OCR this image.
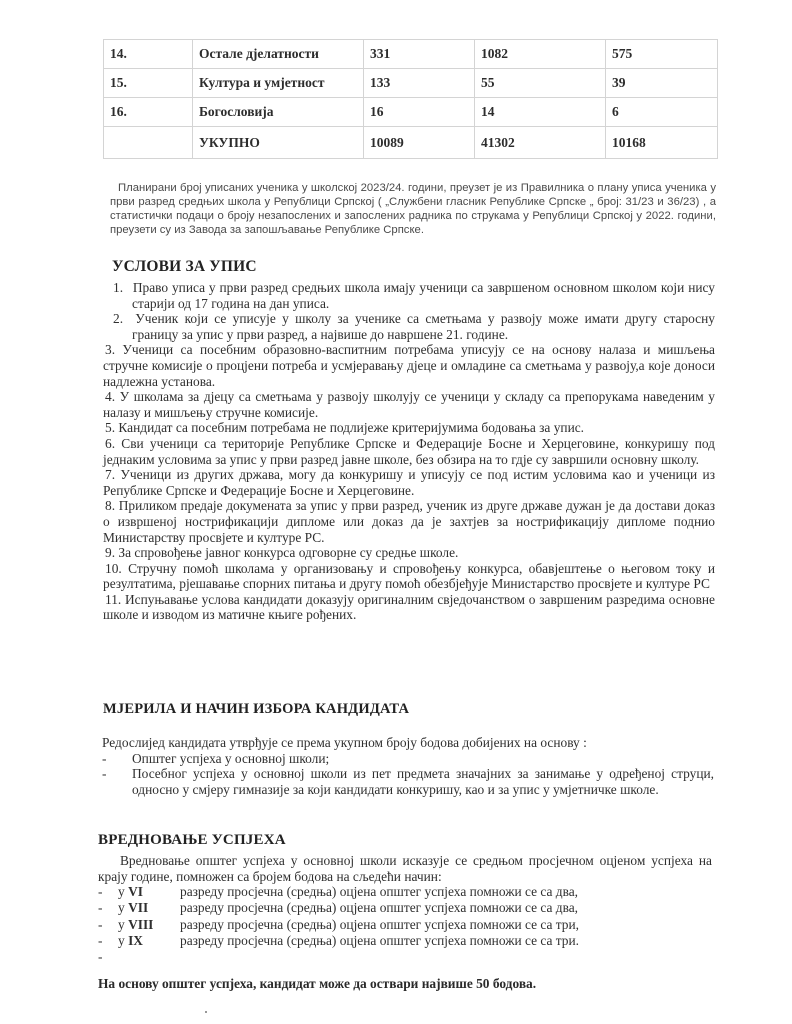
14.	Остале дјелатности	331	1082	575
15.	Култура и умјетност	133	55	39
16.	Богословија	16	14	6
	УКУПНО	10089	41302	10168

Планирани број уписаних ученика у школској 2023/24. години, преузет је из Правилника о плану уписа ученика у први разред средњих школа у Републици Српској ( „Службени гласник Републике Српске „ број: 31/23 и 36/23) , а статистички подаци о броју незапослених и запослених радника по струкама у Републици Српској у 2022. години, преузети су из Завода за запошљавање Републике Српске.

УСЛОВИ ЗА УПИС
1. Право уписа у први разред средњих школа имају ученици са завршеном основном школом који нису старији од 17 година на дан уписа.
2. Ученик који се уписује у школу за ученике са сметњама у развоју може имати другу старосну границу за упис у први разред, а највише до навршене 21. године.
3. Ученици са посебним образовно-васпитним потребама уписују се на основу налаза и мишљења стручне комисије о процјени потреба и усмјеравању дјеце и омладине са сметњама у развоју,а које доноси надлежна установа.
4. У школама за дјецу са сметњама у развоју школују се ученици у складу са препорукама наведеним у налазу и мишљењу стручне комисије.
5. Кандидат са посебним потребама не подлијеже критеријумима бодовања за упис.
6. Сви ученици са територије Републике Српске и Федерације Босне и Херцеговине, конкуришу под једнаким условима за упис у први разред јавне школе, без обзира на то гдје су завршили основну школу.
7. Ученици из других држава, могу да конкуришу и уписују се под истим условима као и ученици из Републике Српске и Федерације Босне и Херцеговине.
8. Приликом предаје докумената за упис у први разред, ученик из друге државе дужан је да достави доказ о извршеној нострификацији дипломе или доказ да је захтјев за нострификацију дипломе поднио Министарству просвјете и културе РС.
9. За спровођење јавног конкурса одговорне су средње школе.
10. Стручну помоћ школама у организовању и спровођењу конкурса, обавјештење о његовом току и резултатима, рјешавање спорних питања и другу помоћ обезбјеђује Министарство просвјете и културе РС
11. Испуњавање услова кандидати доказују оригиналним свједочанством о завршеним разредима основне школе и изводом из матичне књиге рођених.
МЈЕРИЛА И НАЧИН ИЗБОРА КАНДИДАТА
Редослијед кандидата утврђује се према укупном броју бодова добијених на основу :
- Општег успјеха у основној школи;
- Посебног успјеха у основној школи из пет предмета значајних за занимање у одређеној струци, односно у смјеру гимназије за који кандидати конкуришу, као и за упис у умјетничке школе.
ВРЕДНОВАЊЕ УСПЈЕХА

Вредновање општег успјеха у основној школи исказује се средњом просјечном оцјеном успјеха на крају године, помножен са бројем бодова на сљедећи начин:

- у VI	разреду просјечна (средња) оцјена општег успјеха помножи се са два,
- у VII разреду просјечна (средња) оцјена општег успјеха помножи се са два,
- у VIII разреду просјечна (средња) оцјена општег успјеха помножи се са три,
- у IX	разреду просјечна (средња) оцјена општег успјеха помножи се са три.
-

На основу општег успјеха, кандидат може да оствари највише 50 бодова.
